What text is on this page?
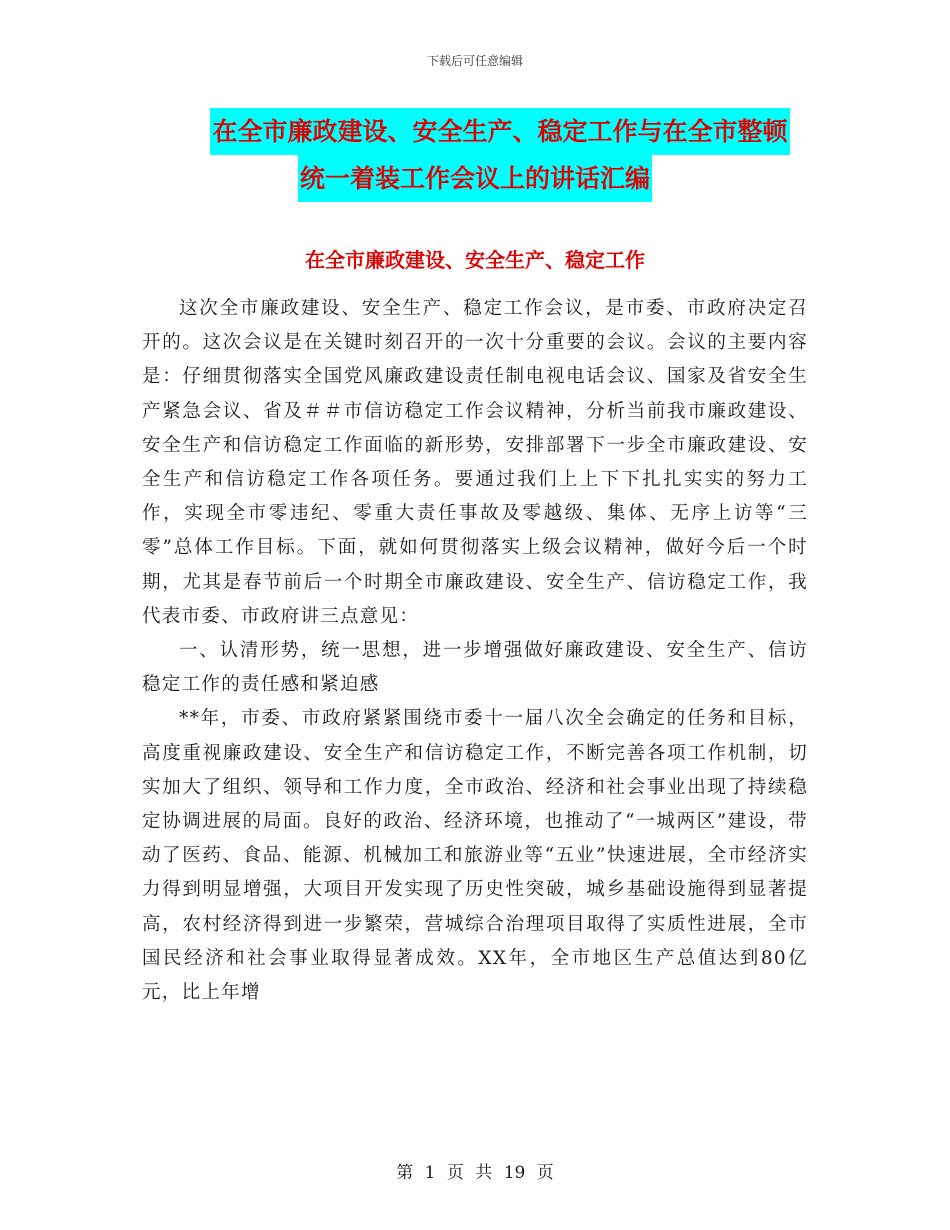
下载后可任意编辑
在全市廉政建设、安全生产、稳定工作与在全市整顿
统一着装工作会议上的讲话汇编
在全市廉政建设、安全生产、稳定工作

这次全市廉政建设、安全生产、稳定工作会议，是市委、市政府决定召开的。这次会议是在关键时刻召开的一次十分重要的会议。会议的主要内容是：仔细贯彻落实全国党风廉政建设责任制电视电话会议、国家及省安全生产紧急会议、省及＃＃市信访稳定工作会议精神，分析当前我市廉政建设、安全生产和信访稳定工作面临的新形势，安排部署下一步全市廉政建设、安全生产和信访稳定工作各项任务。要通过我们上上下下扎扎实实的努力工作，实现全市零违纪、零重大责任事故及零越级、集体、无序上访等“三零”总体工作目标。下面，就如何贯彻落实上级会议精神，做好今后一个时期，尤其是春节前后一个时期全市廉政建设、安全生产、信访稳定工作，我代表市委、市政府讲三点意见：

一、认清形势，统一思想，进一步增强做好廉政建设、安全生产、信访稳定工作的责任感和紧迫感

**年，市委、市政府紧紧围绕市委十一届八次全会确定的任务和目标，高度重视廉政建设、安全生产和信访稳定工作，不断完善各项工作机制，切实加大了组织、领导和工作力度，全市政治、经济和社会事业出现了持续稳定协调进展的局面。良好的政治、经济环境，也推动了“一城两区”建设，带动了医药、食品、能源、机械加工和旅游业等“五业”快速进展，全市经济实力得到明显增强，大项目开发实现了历史性突破，城乡基础设施得到显著提高，农村经济得到进一步繁荣，营城综合治理项目取得了实质性进展，全市国民经济和社会事业取得显著成效。XX年，全市地区生产总值达到80亿元，比上年增

第 1 页 共 19 页
